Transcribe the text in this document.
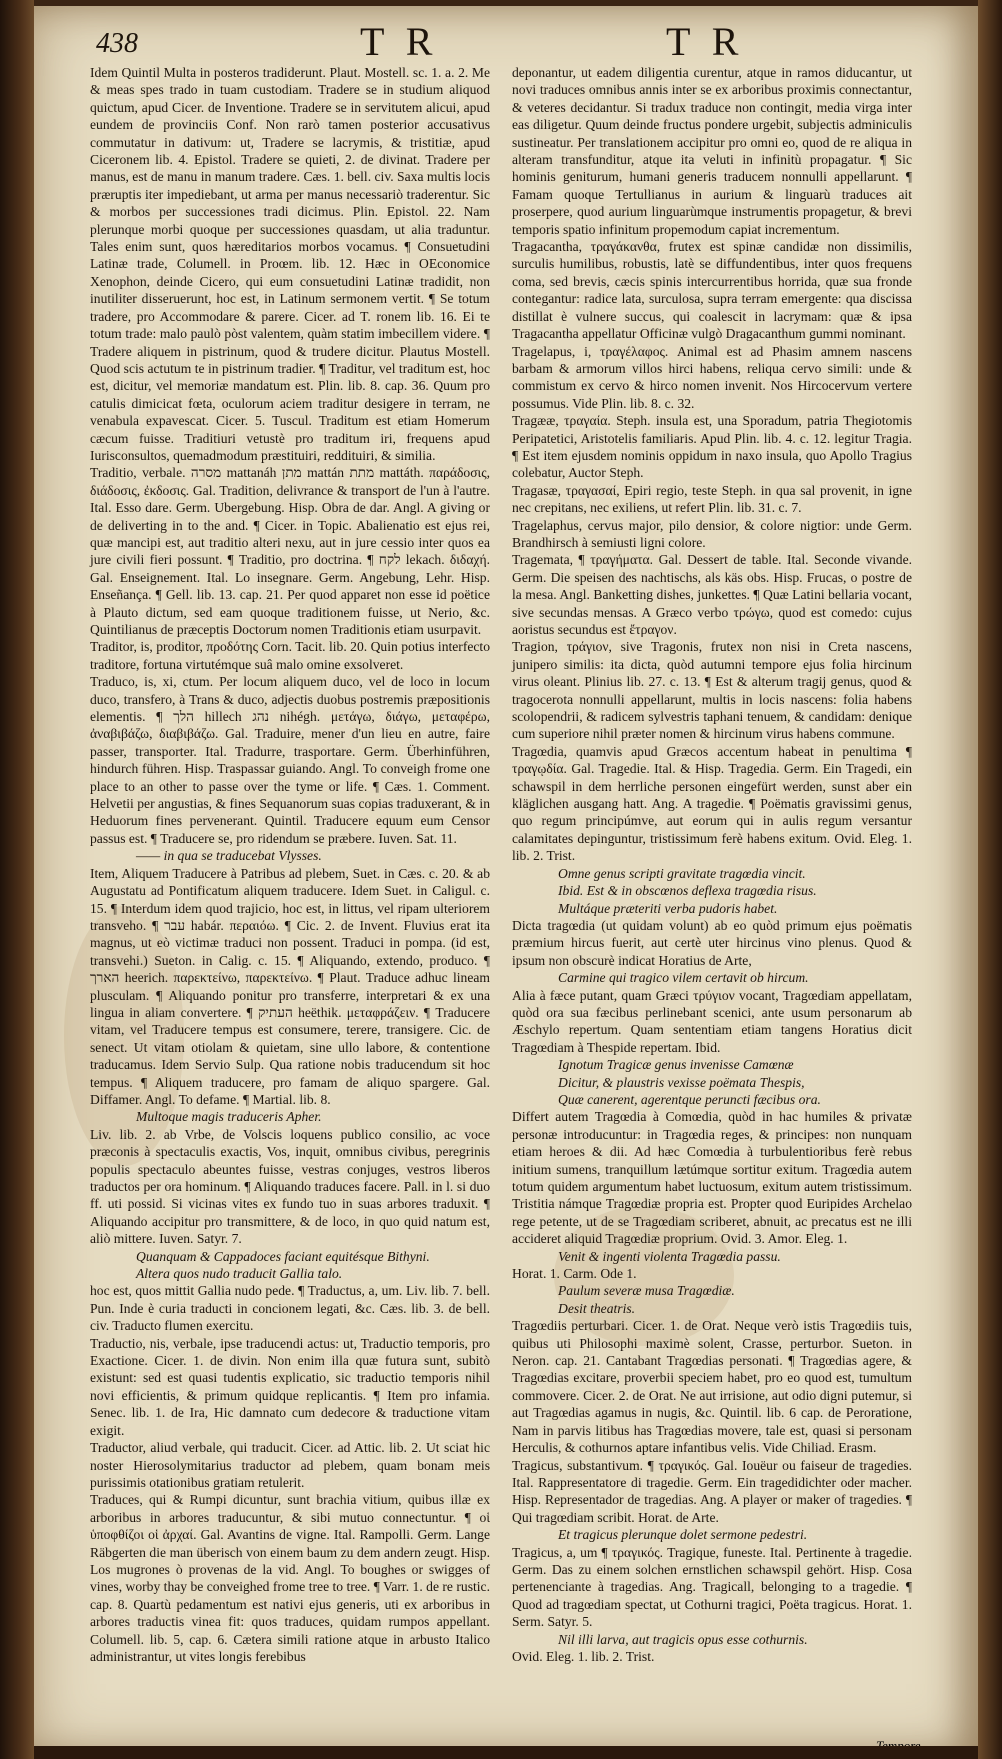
438	T R	T R

Idem Quintil Multa in posteros tradiderunt. Plaut. Mostell. sc. 1. a. 2. Me & meas spes trado in tuam custodiam. Tradere se in studium aliquod quictum, apud Cicer. de Inventione. Tradere se in servitutem alicui, apud eundem de provinciis Conf. Non rarò tamen posterior accusativus commutatur in dativum: ut, Tradere se lacrymis, & tristitiæ, apud Ciceronem lib. 4. Epistol. Tradere se quieti, 2. de divinat. Tradere per manus, est de manu in manum tradere. Cæs. 1. bell. civ. Saxa multis locis præruptis iter impediebant, ut arma per manus necessariò traderentur. Sic & morbos per successiones tradi dicimus. Plin. Epistol. 22. Nam plerunque morbi quoque per successiones quasdam, ut alia traduntur. Tales enim sunt, quos hæreditarios morbos vocamus. ¶ Consuetudini Latinæ trade, Columell. in Proœm. lib. 12. Hæc in OEconomice Xenophon, deinde Cicero, qui eum consuetudini Latinæ tradidit, non inutiliter disseruerunt, hoc est, in Latinum sermonem vertit. ¶ Se totum tradere, pro Accommodare & parere. Cicer. ad T. ronem lib. 16. Ei te totum trade: malo paulò pòst valentem, quàm statim imbecillem videre. ¶ Tradere aliquem in pistrinum, quod & trudere dicitur. Plautus Mostell. Quod scis actutum te in pistrinum tradier. ¶ Traditur, vel traditum est, hoc est, dicitur, vel memoriæ mandatum est. Plin. lib. 8. cap. 36. Quum pro catulis dimicicat fœta, oculorum aciem traditur desigere in terram, ne venabula expavescat. Cicer. 5. Tuscul. Traditum est etiam Homerum cæcum fuisse. Traditiuri vetustè pro traditum iri, frequens apud Iurisconsultos, quemadmodum præstituiri, reddituiri, & similia.

Traditio, verbale. מסרה mattanáh מתן mattán מתת mattáth. παράδοσις, διάδοσις, ἐκδοσις. Gal. Tradition, delivrance & transport de l'un à l'autre. Ital. Esso dare. Germ. Ubergebung. Hisp. Obra de dar. Angl. A giving or de deliverting in to the and. ¶ Cicer. in Topic. Abalienatio est ejus rei, quæ mancipi est, aut traditio alteri nexu, aut in jure cessio inter quos ea jure civili fieri possunt. ¶ Traditio, pro doctrina. ¶ לקח lekach. διδαχή. Gal. Enseignement. Ital. Lo insegnare. Germ. Angebung, Lehr. Hisp. Enseñança. ¶ Gell. lib. 13. cap. 21. Per quod apparet non esse id poëtice à Plauto dictum, sed eam quoque traditionem fuisse, ut Nerio, &c. Quintilianus de præceptis Doctorum nomen Traditionis etiam usurpavit.

Traditor, is, proditor, προδότης Corn. Tacit. lib. 20. Quin potius interfecto traditore, fortuna virtutémque suâ malo omine exsolveret.

Traduco, is, xi, ctum. Per locum aliquem duco, vel de loco in locum duco, transfero, à Trans & duco, adjectis duobus postremis præpositionis elementis. ¶ הלך hillech נהג nihégh. μετάγω, διάγω, μεταφέρω, ἀναβιβάζω, διαβιβάζω. Gal. Traduire, mener d'un lieu en autre, faire passer, transporter. Ital. Tradurre, trasportare. Germ. Überhinführen, hindurch führen. Hisp. Traspassar guiando. Angl. To conveigh frome one place to an other to passe over the tyme or life. ¶ Cæs. 1. Comment. Helvetii per angustias, & fines Sequanorum suas copias traduxerant, & in Heduorum fines pervenerant. Quintil. Traducere equum eum Censor passus est. ¶ Traducere se, pro ridendum se præbere. Iuven. Sat. 11.

—— in qua se traducebat Vlysses.

Item, Aliquem Traducere à Patribus ad plebem, Suet. in Cæs. c. 20. & ab Augustatu ad Pontificatum aliquem traducere. Idem Suet. in Caligul. c. 15. ¶ Interdum idem quod trajicio, hoc est, in littus, vel ripam ulteriorem transveho. ¶ עבר habár. περαιόω. ¶ Cic. 2. de Invent. Fluvius erat ita magnus, ut eò victimæ traduci non possent. Traduci in pompa. (id est, transvehi.) Sueton. in Calig. c. 15. ¶ Aliquando, extendo, produco. ¶ הארך heerich. παρεκτείνω, παρεκτείνω. ¶ Plaut. Traduce adhuc lineam plusculam. ¶ Aliquando ponitur pro transferre, interpretari & ex una lingua in aliam convertere. ¶ העתיק heëthik. μεταφράζειν. ¶ Traducere vitam, vel Traducere tempus est consumere, terere, transigere. Cic. de senect. Ut vitam otiolam & quietam, sine ullo labore, & contentione traducamus. Idem Servio Sulp. Qua ratione nobis traducendum sit hoc tempus. ¶ Aliquem traducere, pro famam de aliquo spargere. Gal. Diffamer. Angl. To defame. ¶ Martial. lib. 8.

Multoque magis traduceris Apher.

Liv. lib. 2. ab Vrbe, de Volscis loquens publico consilio, ac voce præconis à spectaculis exactis, Vos, inquit, omnibus civibus, peregrinis populis spectaculo abeuntes fuisse, vestras conjuges, vestros liberos traductos per ora hominum. ¶ Aliquando traduces facere. Pall. in l. si duo ff. uti possid. Si vicinas vites ex fundo tuo in suas arbores traduxit. ¶ Aliquando accipitur pro transmittere, & de loco, in quo quid natum est, aliò mittere. Iuven. Satyr. 7.

Quanquam & Cappadoces faciant equitésque Bithyni.

Altera quos nudo traducit Gallia talo.

hoc est, quos mittit Gallia nudo pede. ¶ Traductus, a, um. Liv. lib. 7. bell. Pun. Inde è curia traducti in concionem legati, &c. Cæs. lib. 3. de bell. civ. Traducto flumen exercitu.

Traductio, nis, verbale, ipse traducendi actus: ut, Traductio temporis, pro Exactione. Cicer. 1. de divin. Non enim illa quæ futura sunt, subitò existunt: sed est quasi tudentis explicatio, sic traductio temporis nihil novi efficientis, & primum quidque replicantis. ¶ Item pro infamia. Senec. lib. 1. de Ira, Hic damnato cum dedecore & traductione vitam exigit.

Traductor, aliud verbale, qui traducit. Cicer. ad Attic. lib. 2. Ut sciat hic noster Hierosolymitarius traductor ad plebem, quam bonam meis purissimis otationibus gratiam retulerit.

Traduces, qui & Rumpi dicuntur, sunt brachia vitium, quibus illæ ex arboribus in arbores traducuntur, & sibi mutuo connectuntur. ¶ οἱ ὑποφθίζοι οἱ ἀρχαί. Gal. Avantins de vigne. Ital. Rampolli. Germ. Lange Räbgerten die man überisch von einem baum zu dem andern zeugt. Hisp. Los mugrones ò provenas de la vid. Angl. To boughes or swigges of vines, worby thay be conveighed frome tree to tree. ¶ Varr. 1. de re rustic. cap. 8. Quartù pedamentum est nativi ejus generis, uti ex arboribus in arbores traductis vinea fit: quos traduces, quidam rumpos appellant. Columell. lib. 5, cap. 6. Cætera simili ratione atque in arbusto Italico administrantur, ut vites longis ferebibus

deponantur, ut eadem diligentia curentur, atque in ramos diducantur, ut novi traduces omnibus annis inter se ex arboribus proximis connectantur, & veteres decidantur. Si tradux traduce non contingit, media virga inter eas diligetur. Quum deinde fructus pondere urgebit, subjectis adminiculis sustineatur. Per translationem accipitur pro omni eo, quod de re aliqua in alteram transfunditur, atque ita veluti in infinitù propagatur. ¶ Sic hominis geniturum, humani generis traducem nonnulli appellarunt. ¶ Famam quoque Tertullianus in aurium & linguarù traduces ait proserpere, quod aurium linguarùmque instrumentis propagetur, & brevi temporis spatio infinitum propemodum capiat incrementum.

Tragacantha, τραγάκανθα, frutex est spinæ candidæ non dissimilis, surculis humilibus, robustis, latè se diffundentibus, inter quos frequens coma, sed brevis, cæcis spinis intercurrentibus horrida, quæ sua fronde contegantur: radice lata, surculosa, supra terram emergente: qua discissa distillat è vulnere succus, qui coalescit in lacrymam: quæ & ipsa Tragacantha appellatur Officinæ vulgò Dragacanthum gummi nominant.

Tragelapus, i, τραγέλαφος. Animal est ad Phasim amnem nascens barbam & armorum villos hirci habens, reliqua cervo simili: unde & commistum ex cervo & hirco nomen invenit. Nos Hircocervum vertere possumus. Vide Plin. lib. 8. c. 32.

Tragææ, τραγαία. Steph. insula est, una Sporadum, patria Thegiotomis Peripatetici, Aristotelis familiaris. Apud Plin. lib. 4. c. 12. legitur Tragia. ¶ Est item ejusdem nominis oppidum in naxo insula, quo Apollo Tragius colebatur, Auctor Steph.

Tragasæ, τραγασαί, Epiri regio, teste Steph. in qua sal provenit, in igne nec crepitans, nec exiliens, ut refert Plin. lib. 31. c. 7.

Tragelaphus, cervus major, pilo densior, & colore nigtior: unde Germ. Brandhirsch à semiusti ligni colore.

Tragemata, ¶ τραγήματα. Gal. Dessert de table. Ital. Seconde vivande. Germ. Die speisen des nachtischs, als käs obs. Hisp. Frucas, o postre de la mesa. Angl. Banketting dishes, junkettes. ¶ Quæ Latini bellaria vocant, sive secundas mensas. A Græco verbo τρώγω, quod est comedo: cujus aoristus secundus est ἔτραγον.

Tragion, τράγιον, sive Tragonis, frutex non nisi in Creta nascens, junipero similis: ita dicta, quòd autumni tempore ejus folia hircinum virus oleant. Plinius lib. 27. c. 13. ¶ Est & alterum tragij genus, quod & tragocerota nonnulli appellarunt, multis in locis nascens: folia habens scolopendrii, & radicem sylvestris taphani tenuem, & candidam: denique cum superiore nihil præter nomen & hircinum virus habens commune.

Tragœdia, quamvis apud Græcos accentum habeat in penultima ¶ τραγῳδία. Gal. Tragedie. Ital. & Hisp. Tragedia. Germ. Ein Tragedi, ein schawspil in dem herrliche personen eingefürt werden, sunst aber ein kläglichen ausgang hatt. Ang. A tragedie. ¶ Poëmatis gravissimi genus, quo regum principúmve, aut eorum qui in aulis regum versantur calamitates depinguntur, tristissimum ferè habens exitum. Ovid. Eleg. 1. lib. 2. Trist.

Omne genus scripti gravitate tragœdia vincit.

Ibid. Est & in obscœnos deflexa tragœdia risus.

Multáque præteriti verba pudoris habet.

Dicta tragœdia (ut quidam volunt) ab eo quòd primum ejus poëmatis præmium hircus fuerit, aut certè uter hircinus vino plenus. Quod & ipsum non obscurè indicat Horatius de Arte,

Carmine qui tragico vilem certavit ob hircum.

Alia à fæce putant, quam Græci τρύγιον vocant, Tragœdiam appellatam, quòd ora sua fæcibus perlinebant scenici, ante usum personarum ab Æschylo repertum. Quam sententiam etiam tangens Horatius dicit Tragœdiam à Thespide repertam. Ibid.

Ignotum Tragicæ genus invenisse Camœnæ

Dicitur, & plaustris vexisse poëmata Thespis,

Quæ canerent, agerentque peruncti fæcibus ora.

Differt autem Tragœdia à Comœdia, quòd in hac humiles & privatæ personæ introducuntur: in Tragœdia reges, & principes: non nunquam etiam heroes & dii. Ad hæc Comœdia à turbulentioribus ferè rebus initium sumens, tranquillum lætúmque sortitur exitum. Tragœdia autem totum quidem argumentum habet luctuosum, exitum autem tristissimum. Tristitia námque Tragœdiæ propria est. Propter quod Euripides Archelao rege petente, ut de se Tragœdiam scriberet, abnuit, ac precatus est ne illi accideret aliquid Tragœdiæ proprium. Ovid. 3. Amor. Eleg. 1.

Venit & ingenti violenta Tragœdia passu.

Horat. 1. Carm. Ode 1.

Paulum severæ musa Tragœdiæ.

Desit theatris.

Tragœdiis perturbari. Cicer. 1. de Orat. Neque verò istis Tragœdiis tuis, quibus uti Philosophi maximè solent, Crasse, perturbor. Sueton. in Neron. cap. 21. Cantabant Tragœdias personati. ¶ Tragœdias agere, & Tragœdias excitare, proverbii speciem habet, pro eo quod est, tumultum commovere. Cicer. 2. de Orat. Ne aut irrisione, aut odio digni putemur, si aut Tragœdias agamus in nugis, &c. Quintil. lib. 6 cap. de Peroratione, Nam in parvis litibus has Tragœdias movere, tale est, quasi si personam Herculis, & cothurnos aptare infantibus velis. Vide Chiliad. Erasm.

Tragicus, substantivum. ¶ τραγικός. Gal. Iouëur ou faiseur de tragedies. Ital. Rappresentatore di tragedie. Germ. Ein tragedidichter oder macher. Hisp. Representador de tragedias. Ang. A player or maker of tragedies. ¶ Qui tragœdiam scribit. Horat. de Arte.

Et tragicus plerunque dolet sermone pedestri.

Tragicus, a, um ¶ τραγικός. Tragique, funeste. Ital. Pertinente à tragedie. Germ. Das zu einem solchen ernstlichen schawspil gehört. Hisp. Cosa pertenenciante à tragedias. Ang. Tragicall, belonging to a tragedie. ¶ Quod ad tragœdiam spectat, ut Cothurni tragici, Poëta tragicus. Horat. 1. Serm. Satyr. 5.

Nil illi larva, aut tragicis opus esse cothurnis.

Ovid. Eleg. 1. lib. 2. Trist.
